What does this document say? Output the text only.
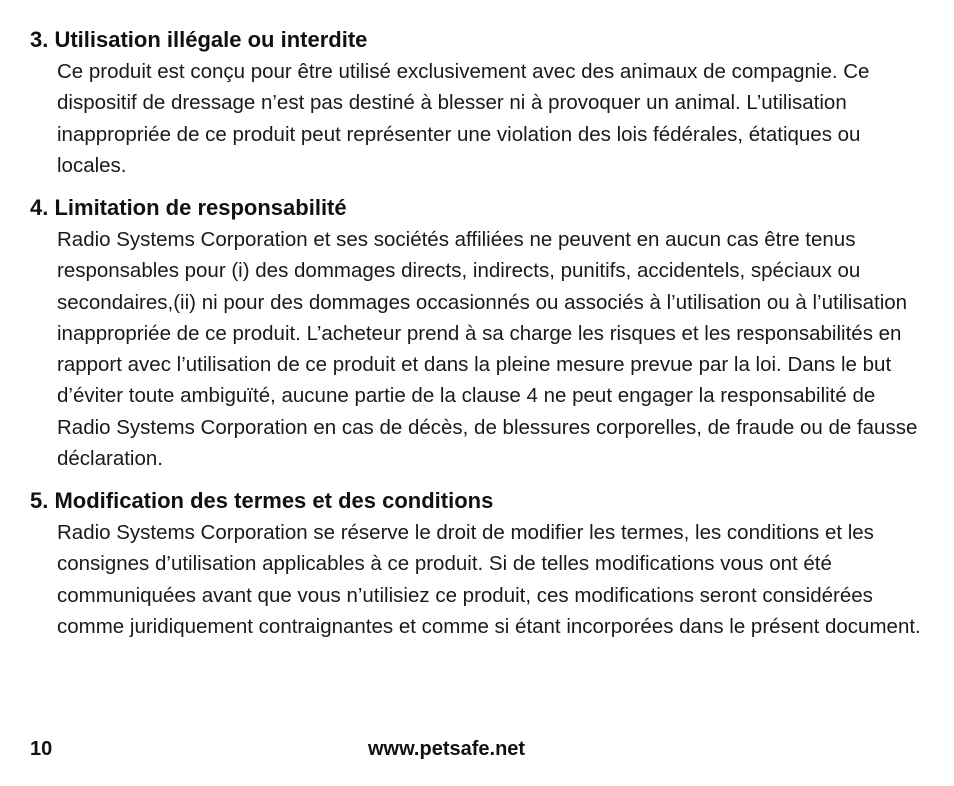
3. Utilisation illégale ou interdite

Ce produit est conçu pour être utilisé exclusivement avec des animaux de compagnie. Ce dispositif de dressage n’est pas destiné à blesser ni à provoquer un animal. L’utilisation inappropriée de ce produit peut représenter une violation des lois fédérales, étatiques ou locales.

4. Limitation de responsabilité

Radio Systems Corporation et ses sociétés affiliées ne peuvent en aucun cas être tenus responsables pour (i) des dommages directs, indirects, punitifs, accidentels, spéciaux ou secondaires,(ii) ni pour des dommages occasionnés ou associés à l’utilisation ou à l’utilisation inappropriée de ce produit. L’acheteur prend à sa charge les risques et les responsabilités en rapport avec l’utilisation de ce produit et dans la pleine mesure prevue par la loi. Dans le but d’éviter toute ambiguïté, aucune partie de la clause 4 ne peut engager la responsabilité de Radio Systems Corporation en cas de décès, de blessures corporelles, de fraude ou de fausse déclaration.

5. Modification des termes et des conditions

Radio Systems Corporation se réserve le droit de modifier les termes, les conditions et les consignes d’utilisation applicables à ce produit. Si de telles modifications vous ont été communiquées avant que vous n’utilisiez ce produit, ces modifications seront considérées comme juridiquement contraignantes et comme si étant incorporées dans le présent document.

10	www.petsafe.net
